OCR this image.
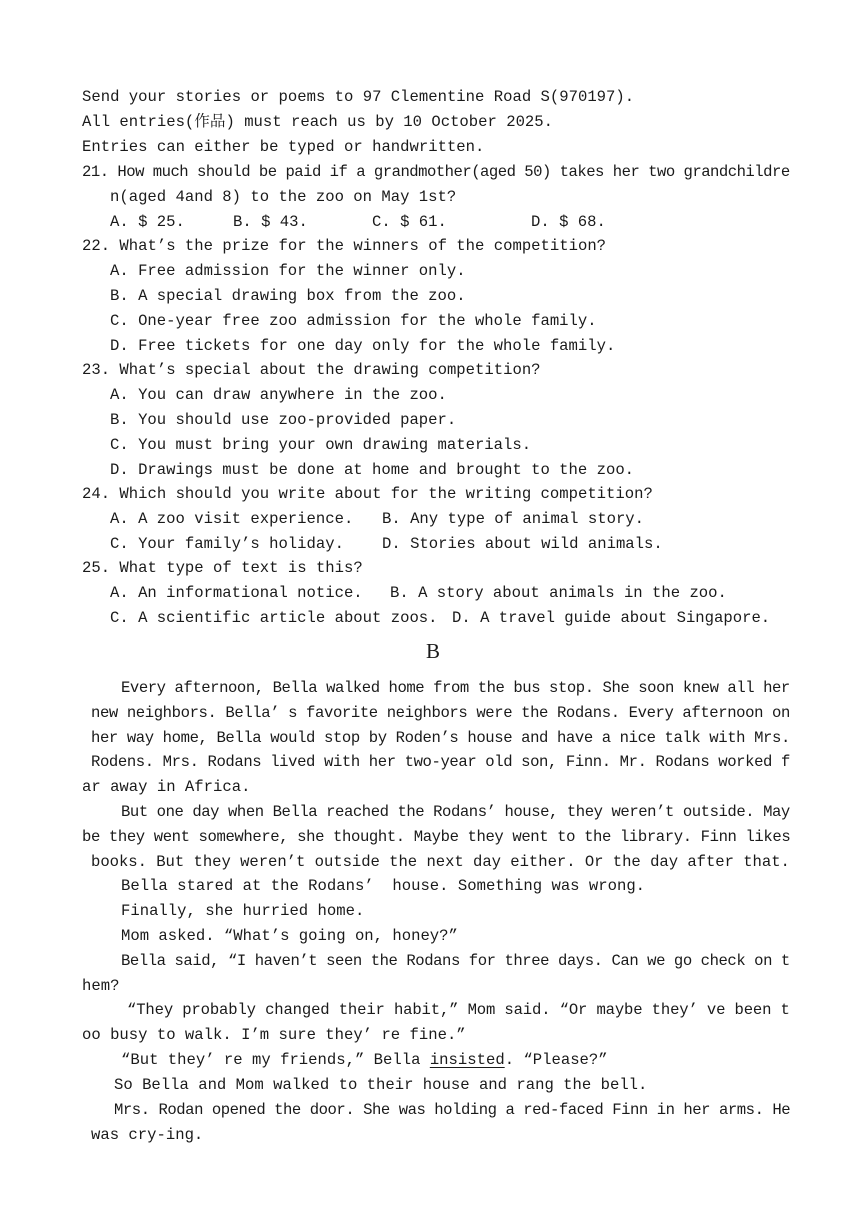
Send your stories or poems to 97 Clementine Road S(970197).
All entries(作品) must reach us by 10 October 2025.
Entries can either be typed or handwritten.
21. How much should be paid if a grandmother(aged 50) takes her two grandchildre
n(aged 4and 8) to the zoo on May 1st?
A. $ 25.	B. $ 43.	C. $ 61.	D. $ 68.
22. What’s the prize for the winners of the competition?
A. Free admission for the winner only.
B. A special drawing box from the zoo.
C. One-year free zoo admission for the whole family.
D. Free tickets for one day only for the whole family.
23. What’s special about the drawing competition?
A. You can draw anywhere in the zoo.
B. You should use zoo-provided paper.
C. You must bring your own drawing materials.
D. Drawings must be done at home and brought to the zoo.
24. Which should you write about for the writing competition?
A. A zoo visit experience. B. Any type of animal story.
C. Your family’s holiday. D. Stories about wild animals.
25. What type of text is this?
A. An informational notice. B. A story about animals in the zoo.
C. A scientific article about zoos. D. A travel guide about Singapore.
B
Every afternoon, Bella walked home from the bus stop. She soon knew all her
new neighbors. Bella’ s favorite neighbors were the Rodans. Every afternoon on
her way home, Bella would stop by Roden’s house and have a nice talk with Mrs.
Rodens. Mrs. Rodans lived with her two-year old son, Finn. Mr. Rodans worked f
ar away in Africa.
But one day when Bella reached the Rodans’ house, they weren’t outside. May
be they went somewhere, she thought. Maybe they went to the library. Finn likes
books. But they weren’t outside the next day either. Or the day after that.
Bella stared at the Rodans’  house. Something was wrong.
Finally, she hurried home.
Mom asked. “What’s going on, honey?”
Bella said, “I haven’t seen the Rodans for three days. Can we go check on t
hem?
“They probably changed their habit,” Mom said. “Or maybe they’ ve been t
oo busy to walk. I’m sure they’ re fine.”
“But they’ re my friends,” Bella insisted. “Please?”
So Bella and Mom walked to their house and rang the bell.
Mrs. Rodan opened the door. She was holding a red-faced Finn in her arms. He
was cry-ing.
